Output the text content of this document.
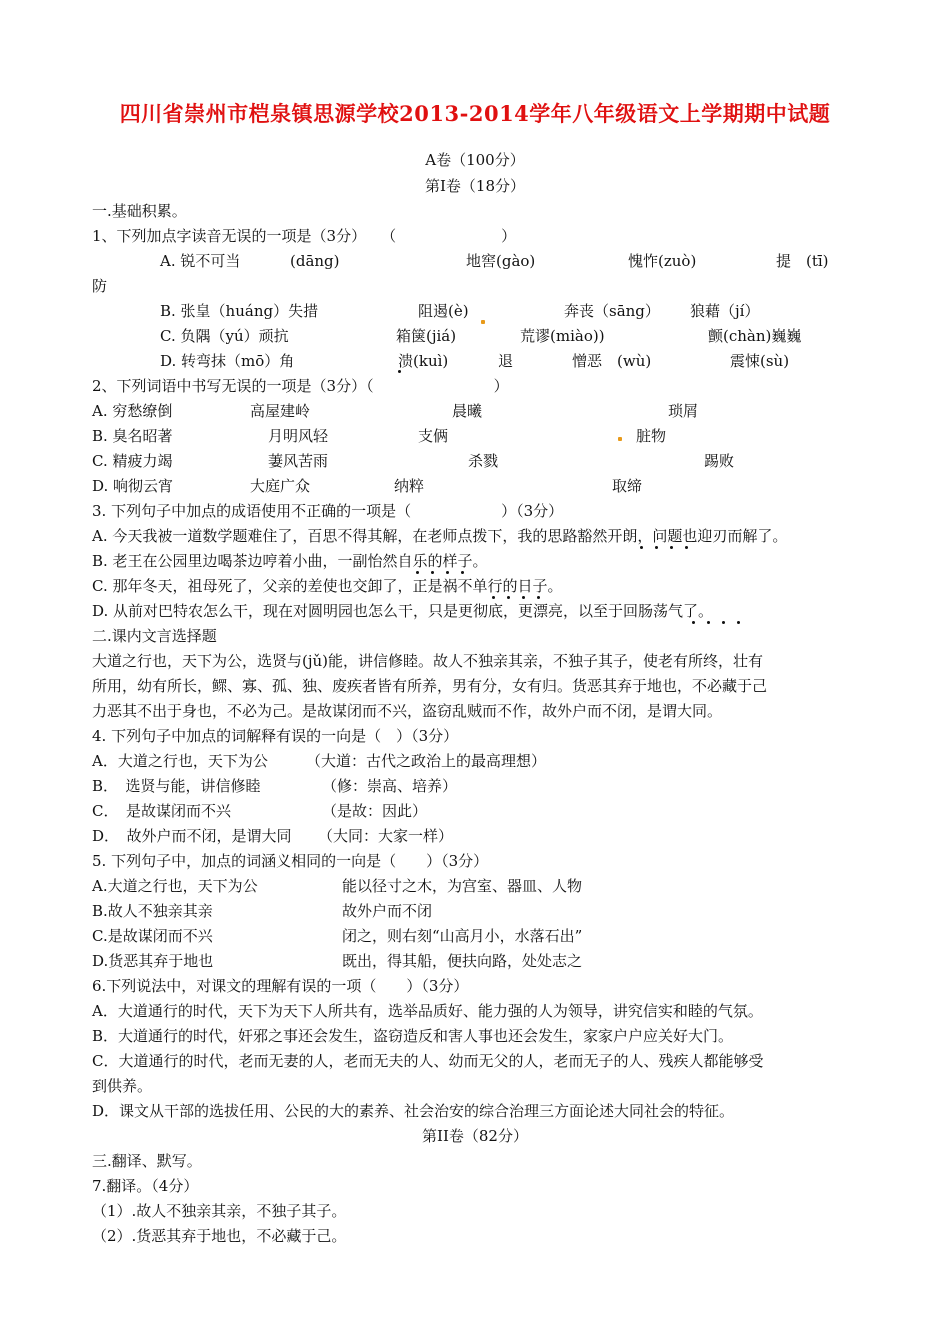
四川省崇州市桤泉镇思源学校2013-2014学年八年级语文上学期期中试题
A卷（100分）
第Ⅰ卷（18分）
一.基础积累。
1、下列加点字读音无误的一项是（3分）　　（　　　　　　　）
A. 锐不可当	(dāng)	地窖(gào)	愧怍(zuò)	提　(tī)
防
B. 张皇（huáng）失措	阻遏(è)	奔丧（sāng） 狼藉（jí）
C. 负隅（yú）顽抗	箱箧(jiá)	荒谬(miào))	颤(chàn)巍巍
D. 转弯抹（mō）角	溃(kuì)	退	憎恶　(wù)	震悚(sù)
2、下列词语中书写无误的一项是（3分）（　　　　　　　　）
A. 穷愁缭倒	高屋建岭	晨曦	琐屑
B. 臭名昭著	月明风轻	支俩	脏物
C. 精疲力竭	萋风苦雨	杀戮	踢败
D. 响彻云宵	大庭广众	纳粹	取缔
3. 下列句子中加点的成语使用不正确的一项是（　　　　　　）（3分）
A. 今天我被一道数学题难住了，百思不得其解，在老师点拨下，我的思路豁然开朗，问题也迎刃而解了。
B. 老王在公园里边喝茶边哼着小曲，一副怡然自乐的样子。
C. 那年冬天，祖母死了，父亲的差使也交卸了，正是祸不单行的日子。
D. 从前对巴特农怎么干，现在对圆明园也怎么干，只是更彻底，更漂亮，以至于回肠荡气了。
二.课内文言选择题
大道之行也，天下为公，选贤与(jǔ)能，讲信修睦。故人不独亲其亲，不独子其子，使老有所终，壮有
所用，幼有所长，鳏、寡、孤、独、废疾者皆有所养，男有分，女有归。货恶其弃于地也，不必藏于己
力恶其不出于身也，不必为己。是故谋闭而不兴，盗窃乱贼而不作，故外户而不闭，是谓大同。
4. 下列句子中加点的词解释有误的一向是（　）（3分）
A．大道之行也，天下为公	（大道：古代之政治上的最高理想）
B．　选贤与能，讲信修睦	（修：崇高、培养）
C．　是故谋闭而不兴	（是故：因此）
D．　故外户而不闭，是谓大同 （大同：大家一样）
5. 下列句子中，加点的词涵义相同的一向是（　　）（3分）
A.大道之行也，天下为公	能以径寸之木，为宫室、器皿、人物
B.故人不独亲其亲	故外户而不闭
C.是故谋闭而不兴	闭之，则右刻“山高月小，水落石出”
D.货恶其弃于地也	既出，得其船，便扶向路，处处志之
6.下列说法中，对课文的理解有误的一项（　　）（3分）
A．大道通行的时代，天下为天下人所共有，选举品质好、能力强的人为领导，讲究信实和睦的气氛。
B．大道通行的时代，奸邪之事还会发生，盗窃造反和害人事也还会发生，家家户户应关好大门。
C．大道通行的时代，老而无妻的人，老而无夫的人、幼而无父的人，老而无子的人、残疾人都能够受
到供养。
D．课文从干部的选拔任用、公民的大的素养、社会治安的综合治理三方面论述大同社会的特征。
第II卷（82分）
三.翻译、默写。
7.翻译。（4分）
（1）.故人不独亲其亲，不独子其子。
（2）.货恶其弃于地也，不必藏于己。
